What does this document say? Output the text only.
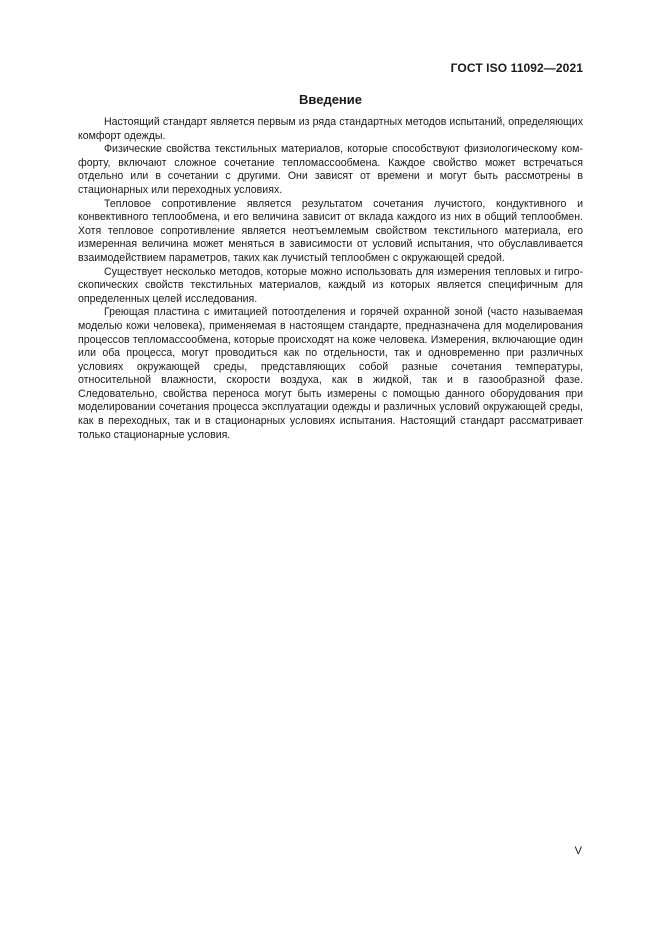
ГОСТ ISO 11092—2021
Введение

Настоящий стандарт является первым из ряда стандартных методов испытаний, определяющих комфорт одежды.

Физические свойства текстильных материалов, которые способствуют физиологическому комфорту, включают сложное сочетание тепломассообмена. Каждое свойство может встречаться отдельно или в сочетании с другими. Они зависят от времени и могут быть рассмотрены в стационарных или переходных условиях.

Тепловое сопротивление является результатом сочетания лучистого, кондуктивного и конвективного теплообмена, и его величина зависит от вклада каждого из них в общий теплообмен. Хотя тепловое сопротивление является неотъемлемым свойством текстильного материала, его измеренная величина может меняться в зависимости от условий испытания, что обуславливается взаимодействием параметров, таких как лучистый теплообмен с окружающей средой.

Существует несколько методов, которые можно использовать для измерения тепловых и гигроскопических свойств текстильных материалов, каждый из которых является специфичным для определенных целей исследования.

Греющая пластина с имитацией потоотделения и горячей охранной зоной (часто называемая моделью кожи человека), применяемая в настоящем стандарте, предназначена для моделирования процессов тепломассообмена, которые происходят на коже человека. Измерения, включающие один или оба процесса, могут проводиться как по отдельности, так и одновременно при различных условиях окружающей среды, представляющих собой разные сочетания температуры, относительной влажности, скорости воздуха, как в жидкой, так и в газообразной фазе. Следовательно, свойства переноса могут быть измерены с помощью данного оборудования при моделировании сочетания процесса эксплуатации одежды и различных условий окружающей среды, как в переходных, так и в стационарных условиях испытания. Настоящий стандарт рассматривает только стационарные условия.

V
